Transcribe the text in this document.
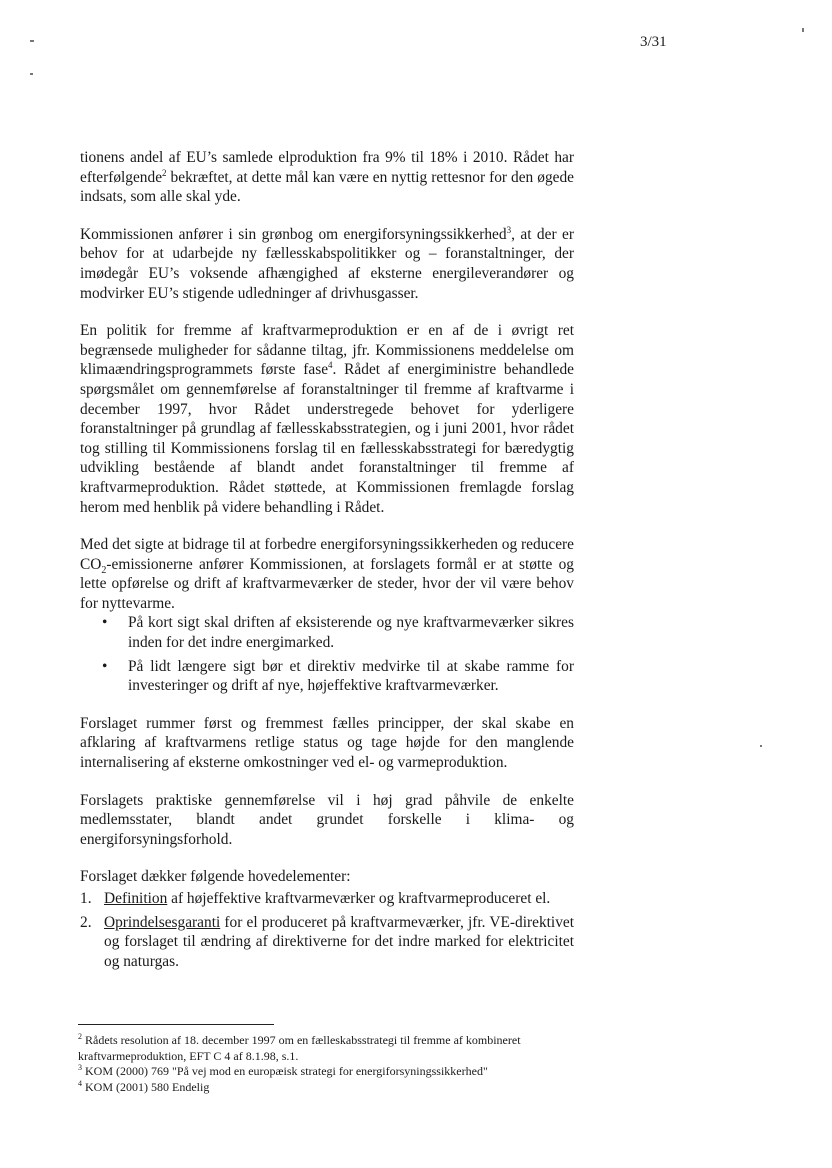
3/31

tionens andel af EU’s samlede elproduktion fra 9% til 18% i 2010. Rådet har efterfølgende$^2$ bekræftet, at dette mål kan være en nyttig rettesnor for den øgede indsats, som alle skal yde.

Kommissionen anfører i sin grønbog om energiforsyningssikkerhed$^3$, at der er behov for at udarbejde ny fællesskabspolitikker og – foranstaltninger, der imødegår EU’s voksende afhængighed af eksterne energileverandører og modvirker EU’s stigende udledninger af drivhusgasser.

En politik for fremme af kraftvarmeproduktion er en af de i øvrigt ret begrænsede muligheder for sådanne tiltag, jfr. Kommissionens meddelelse om klimaændringsprogrammets første fase$^4$. Rådet af energiministre behandlede spørgsmålet om gennemførelse af foranstaltninger til fremme af kraftvarme i december 1997, hvor Rådet understregede behovet for yderligere foranstaltninger på grundlag af fællesskabsstrategien, og i juni 2001, hvor rådet tog stilling til Kommissionens forslag til en fællesskabsstrategi for bæredygtig udvikling bestående af blandt andet foranstaltninger til fremme af kraftvarmeproduktion. Rådet støttede, at Kommissionen fremlagde forslag herom med henblik på videre behandling i Rådet.

Med det sigte at bidrage til at forbedre energiforsyningssikkerheden og reducere $CO_2$-emissionerne anfører Kommissionen, at forslagets formål er at støtte og lette opførelse og drift af kraftvarmeværker de steder, hvor der vil være behov for nyttevarme.

• På kort sigt skal driften af eksisterende og nye kraftvarmeværker sikres inden for det indre energimarked.
• På lidt længere sigt bør et direktiv medvirke til at skabe ramme for investeringer og drift af nye, højeffektive kraftvarmeværker.

Forslaget rummer først og fremmest fælles principper, der skal skabe en afklaring af kraftvarmens retlige status og tage højde for den manglende internalisering af eksterne omkostninger ved el- og varmeproduktion.

Forslagets praktiske gennemførelse vil i høj grad påhvile de enkelte medlemsstater, blandt andet grundet forskelle i klima- og energiforsyningsforhold.

Forslaget dækker følgende hovedelementer:

1. Definition af højeffektive kraftvarmeværker og kraftvarmeproduceret el.
2. Oprindelsesgaranti for el produceret på kraftvarmeværker, jfr. VE-direktivet og forslaget til ændring af direktiverne for det indre marked for elektricitet og naturgas.

$^2$ Rådets resolution af 18. december 1997 om en fælleskabsstrategi til fremme af kombineret kraftvarmeproduktion, EFT C 4 af 8.1.98, s.1.

$^3$ KOM (2000) 769 "På vej mod en europæisk strategi for energiforsyningssikkerhed"

$^4$ KOM (2001) 580 Endelig
